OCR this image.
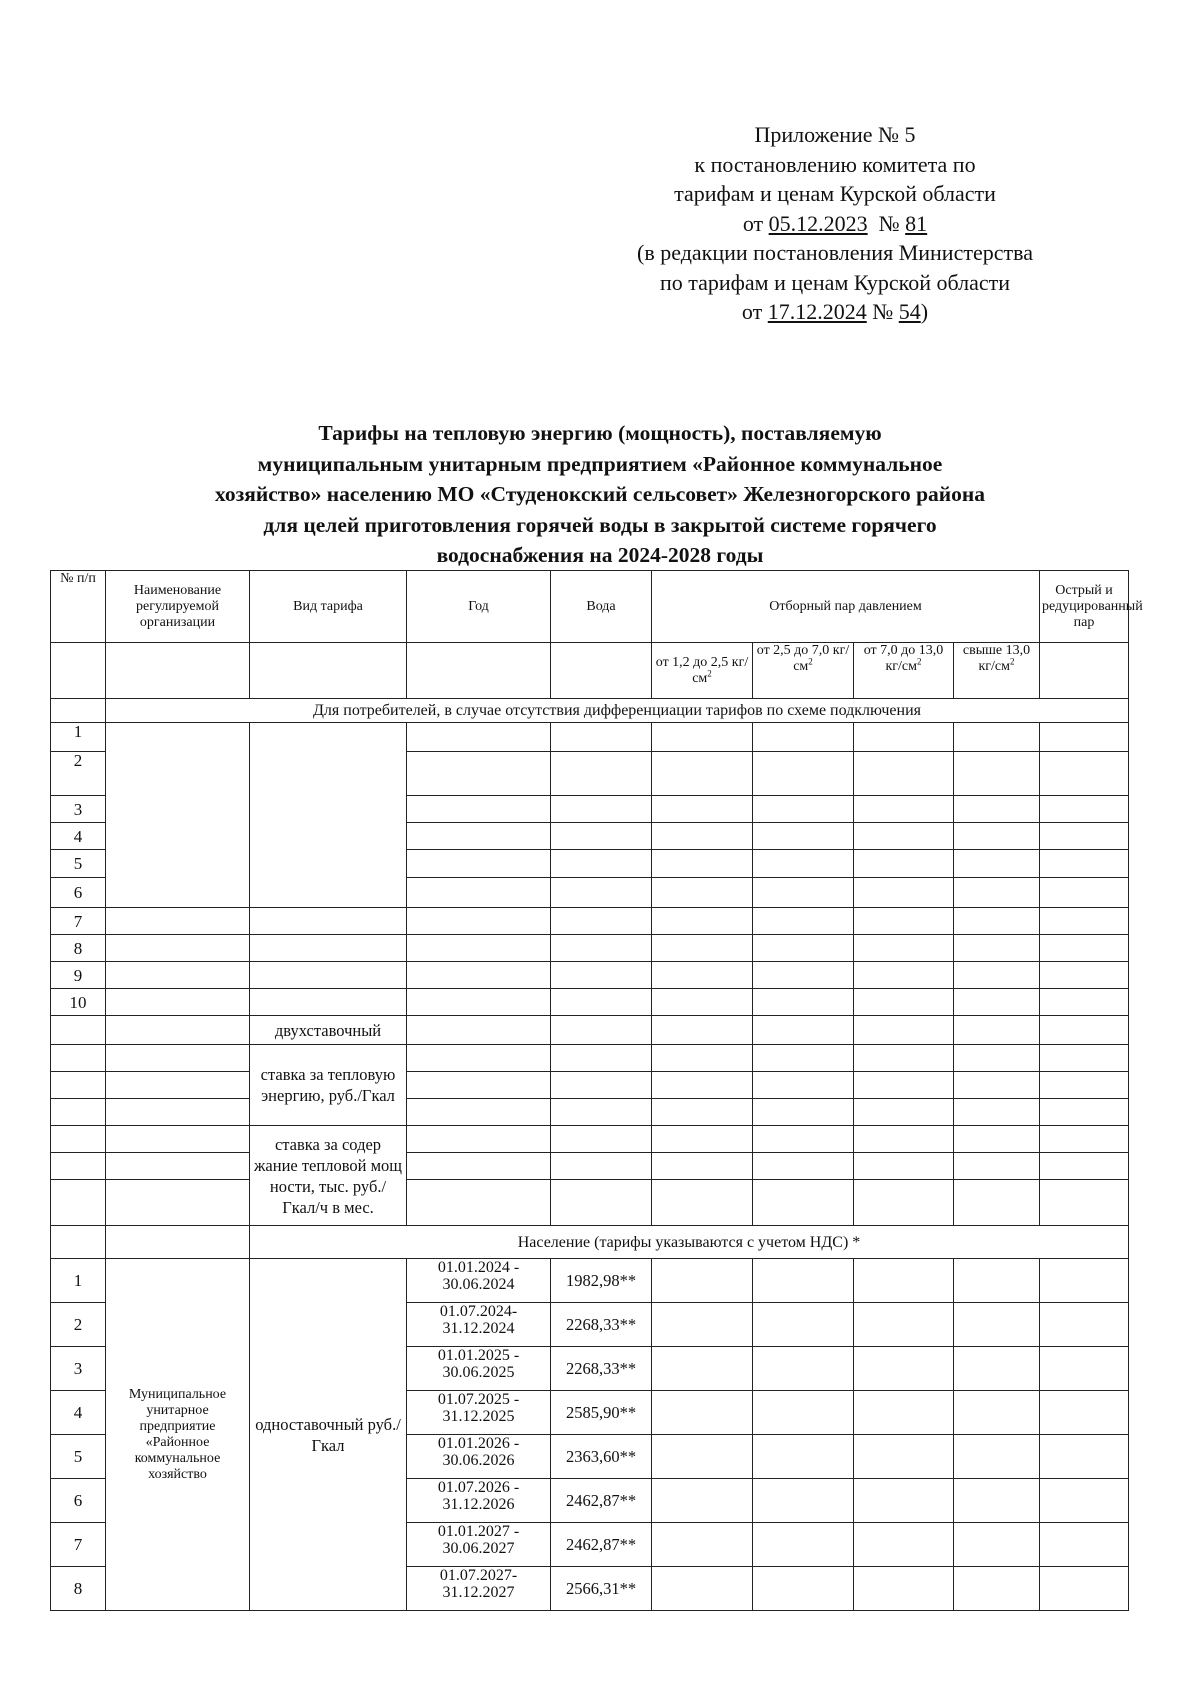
Приложение № 5
к постановлению комитета по
тарифам и ценам Курской области
от 05.12.2023 № 81
(в редакции постановления Министерства
по тарифам и ценам Курской области
от 17.12.2024 № 54)
Тарифы на тепловую энергию (мощность), поставляемую
муниципальным унитарным предприятием «Районное коммунальное
хозяйство» населению МО «Студенокский сельсовет» Железногорского района
для целей приготовления горячей воды в закрытой системе горячего
водоснабжения на 2024-2028 годы
№ п/п	Наименование регулируемой организации	Вид тарифа	Год	Вода	Отборный пар давлением				Острый и редуцированный пар
					от 1,2 до 2,5 $кг/см^2$	от 2,5 до 7,0 $кг/см^2$	от 7,0 до 13,0 $кг/см^2$	свыше 13,0 $кг/см^2$	
	Для потребителей, в случае отсутствия дифференциации тарифов по схеме подключения								
1									
2									
3									
4									
5									
6									
7									
8									
9									
10									
		двухставочный							
		ставка за тепловую энергию, руб./Гкал							

		ставка за содер жание тепловой мощ ности, тыс. руб./Гкал/ч в мес.							

		Население (тарифы указываются с учетом НДС) *							
1	Муниципальное унитарное предприятие «Районное коммунальное хозяйство	одноставочный руб./Гкал	01.01.2024 - 30.06.2024	1982,98**					
2			01.07.2024- 31.12.2024	2268,33**					
3			01.01.2025 - 30.06.2025	2268,33**					
4			01.07.2025 - 31.12.2025	2585,90**					
5			01.01.2026 - 30.06.2026	2363,60**					
6			01.07.2026 - 31.12.2026	2462,87**					
7			01.01.2027 - 30.06.2027	2462,87**					
8			01.07.2027- 31.12.2027	2566,31**					
